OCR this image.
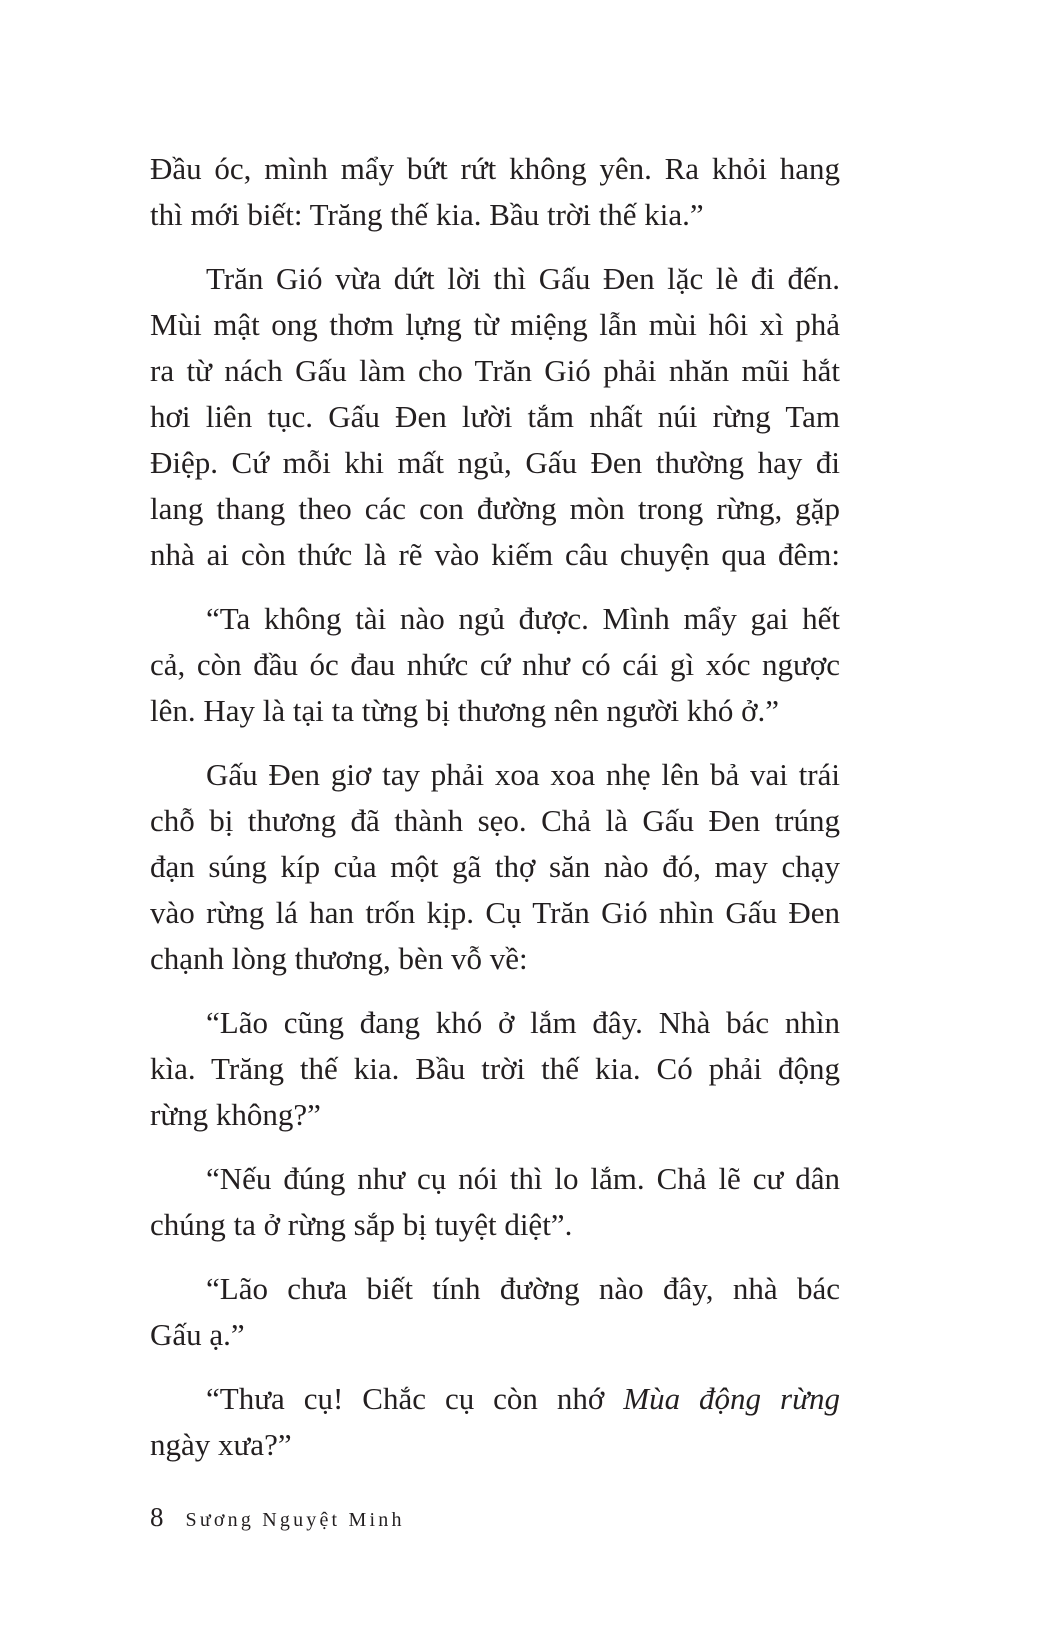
Đầu óc, mình mẩy bứt rứt không yên. Ra khỏi hang
thì mới biết: Trăng thế kia. Bầu trời thế kia.”

Trăn Gió vừa dứt lời thì Gấu Đen lặc lè đi đến.
Mùi mật ong thơm lựng từ miệng lẫn mùi hôi xì phả
ra từ nách Gấu làm cho Trăn Gió phải nhăn mũi hắt
hơi liên tục. Gấu Đen lười tắm nhất núi rừng Tam
Điệp. Cứ mỗi khi mất ngủ, Gấu Đen thường hay đi
lang thang theo các con đường mòn trong rừng, gặp
nhà ai còn thức là rẽ vào kiếm câu chuyện qua đêm:

“Ta không tài nào ngủ được. Mình mẩy gai hết
cả, còn đầu óc đau nhức cứ như có cái gì xóc ngược
lên. Hay là tại ta từng bị thương nên người khó ở.”

Gấu Đen giơ tay phải xoa xoa nhẹ lên bả vai trái
chỗ bị thương đã thành sẹo. Chả là Gấu Đen trúng
đạn súng kíp của một gã thợ săn nào đó, may chạy
vào rừng lá han trốn kịp. Cụ Trăn Gió nhìn Gấu Đen
chạnh lòng thương, bèn vỗ về:

“Lão cũng đang khó ở lắm đây. Nhà bác nhìn
kìa. Trăng thế kia. Bầu trời thế kia. Có phải động
rừng không?”

“Nếu đúng như cụ nói thì lo lắm. Chả lẽ cư dân
chúng ta ở rừng sắp bị tuyệt diệt”.

“Lão chưa biết tính đường nào đây, nhà bác
Gấu ạ.”

“Thưa cụ! Chắc cụ còn nhớ Mùa động rừng
ngày xưa?”

8 Sương Nguyệt Minh
